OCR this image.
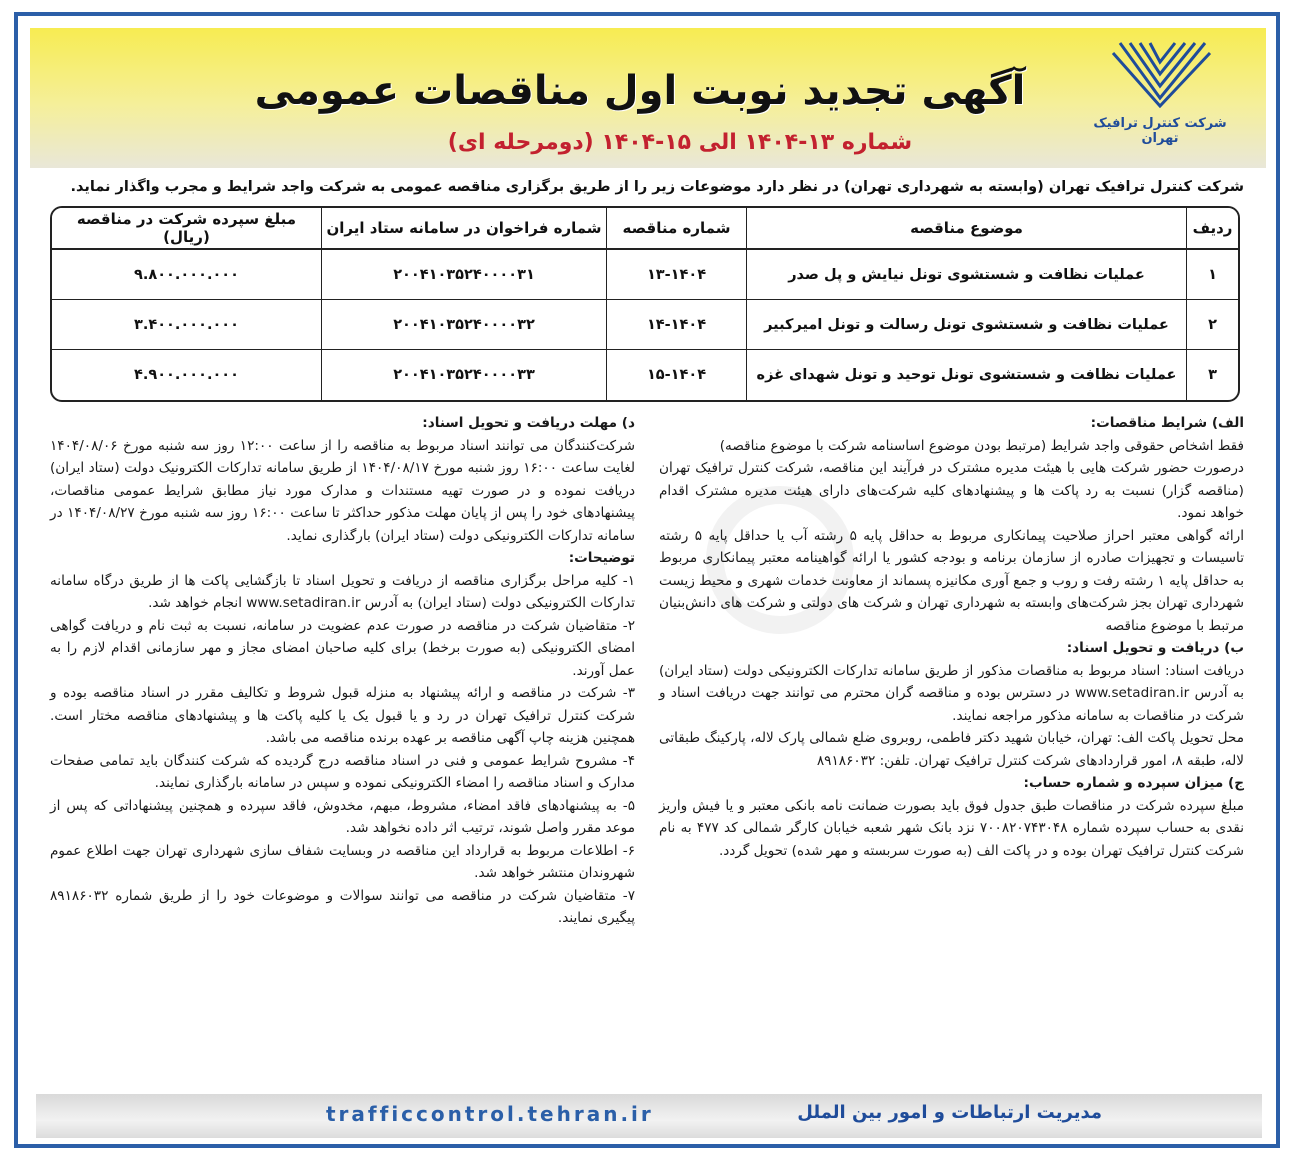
آگهی تجدید نوبت اول مناقصات عمومی
شماره ۱۳-۱۴۰۴ الی ۱۵-۱۴۰۴ (دومرحله ای)
شرکت کنترل ترافیک تهران
شرکت کنترل ترافیک تهران (وابسته به شهرداری تهران) در نظر دارد موضوعات زیر را از طریق برگزاری مناقصه عمومی به شرکت واجد شرایط و مجرب واگذار نماید.
ردیف	موضوع مناقصه	شماره مناقصه	شماره فراخوان در سامانه ستاد ایران	مبلغ سپرده شرکت در مناقصه (ریال)
۱	عملیات نظافت و شستشوی تونل نیایش و پل صدر	۱۳-۱۴۰۴	۲۰۰۴۱۰۳۵۲۴۰۰۰۰۳۱	۹.۸۰۰.۰۰۰.۰۰۰
۲	عملیات نظافت و شستشوی تونل رسالت و تونل امیرکبیر	۱۴-۱۴۰۴	۲۰۰۴۱۰۳۵۲۴۰۰۰۰۳۲	۳.۴۰۰.۰۰۰.۰۰۰
۳	عملیات نظافت و شستشوی تونل توحید و تونل شهدای غزه	۱۵-۱۴۰۴	۲۰۰۴۱۰۳۵۲۴۰۰۰۰۳۳	۴.۹۰۰.۰۰۰.۰۰۰

الف) شرایط مناقصات:

فقط اشخاص حقوقی واجد شرایط (مرتبط بودن موضوع اساسنامه شرکت با موضوع مناقصه)

درصورت حضور شرکت هایی با هیئت مدیره مشترک در فرآیند این مناقصه، شرکت کنترل ترافیک تهران (مناقصه گزار) نسبت به رد پاکت ها و پیشنهادهای کلیه شرکت‌های دارای هیئت مدیره مشترک اقدام خواهد نمود.

ارائه گواهی معتبر احراز صلاحیت پیمانکاری مربوط به حداقل پایه ۵ رشته آب یا حداقل پایه ۵ رشته تاسیسات و تجهیزات صادره از سازمان برنامه و بودجه کشور یا ارائه گواهینامه معتبر پیمانکاری مربوط به حداقل پایه ۱ رشته رفت و روب و جمع آوری مکانیزه پسماند از معاونت خدمات شهری و محیط زیست شهرداری تهران بجز شرکت‌های وابسته به شهرداری تهران و شرکت های دولتی و شرکت های دانش‌بنیان مرتبط با موضوع مناقصه

ب) دریافت و تحویل اسناد:

دریافت اسناد: اسناد مربوط به مناقصات مذکور از طریق سامانه تدارکات الکترونیکی دولت (ستاد ایران) به آدرس www.setadiran.ir در دسترس بوده و مناقصه گران محترم می توانند جهت دریافت اسناد و شرکت در مناقصات به سامانه مذکور مراجعه نمایند.

محل تحویل پاکت الف: تهران، خیابان شهید دکتر فاطمی، روبروی ضلع شمالی پارک لاله، پارکینگ طبقاتی لاله، طبقه ۸، امور قراردادهای شرکت کنترل ترافیک تهران. تلفن: ۸۹۱۸۶۰۳۲

ج) میزان سپرده و شماره حساب:

مبلغ سپرده شرکت در مناقصات طبق جدول فوق باید بصورت ضمانت نامه بانکی معتبر و یا فیش واریز نقدی به حساب سپرده شماره ۷۰۰۸۲۰۷۴۳۰۴۸ نزد بانک شهر شعبه خیابان کارگر شمالی کد ۴۷۷ به نام شرکت کنترل ترافیک تهران بوده و در پاکت الف (به صورت سربسته و مهر شده) تحویل گردد.

د) مهلت دریافت و تحویل اسناد:

شرکت‌کنندگان می توانند اسناد مربوط به مناقصه را از ساعت ۱۲:۰۰ روز سه شنبه مورخ ۱۴۰۴/۰۸/۰۶ لغایت ساعت ۱۶:۰۰ روز شنبه مورخ ۱۴۰۴/۰۸/۱۷ از طریق سامانه تدارکات الکترونیک دولت (ستاد ایران) دریافت نموده و در صورت تهیه مستندات و مدارک مورد نیاز مطابق شرایط عمومی مناقصات، پیشنهادهای خود را پس از پایان مهلت مذکور حداکثر تا ساعت ۱۶:۰۰ روز سه شنبه مورخ ۱۴۰۴/۰۸/۲۷ در سامانه تدارکات الکترونیکی دولت (ستاد ایران) بارگذاری نماید.

توضیحات:

۱- کلیه مراحل برگزاری مناقصه از دریافت و تحویل اسناد تا بازگشایی پاکت ها از طریق درگاه سامانه تدارکات الکترونیکی دولت (ستاد ایران) به آدرس www.setadiran.ir انجام خواهد شد.

۲- متقاضیان شرکت در مناقصه در صورت عدم عضویت در سامانه، نسبت به ثبت نام و دریافت گواهی امضای الکترونیکی (به صورت برخط) برای کلیه صاحبان امضای مجاز و مهر سازمانی اقدام لازم را به عمل آورند.

۳- شرکت در مناقصه و ارائه پیشنهاد به منزله قبول شروط و تکالیف مقرر در اسناد مناقصه بوده و شرکت کنترل ترافیک تهران در رد و یا قبول یک یا کلیه پاکت ها و پیشنهادهای مناقصه مختار است. همچنین هزینه چاپ آگهی مناقصه بر عهده برنده مناقصه می باشد.

۴- مشروح شرایط عمومی و فنی در اسناد مناقصه درج گردیده که شرکت کنندگان باید تمامی صفحات مدارک و اسناد مناقصه را امضاء الکترونیکی نموده و سپس در سامانه بارگذاری نمایند.

۵- به پیشنهادهای فاقد امضاء، مشروط، مبهم، مخدوش، فاقد سپرده و همچنین پیشنهاداتی که پس از موعد مقرر واصل شوند، ترتیب اثر داده نخواهد شد.

۶- اطلاعات مربوط به قرارداد این مناقصه در وبسایت شفاف سازی شهرداری تهران جهت اطلاع عموم شهروندان منتشر خواهد شد.

۷- متقاضیان شرکت در مناقصه می توانند سوالات و موضوعات خود را از طریق شماره ۸۹۱۸۶۰۳۲ پیگیری نمایند.

trafficcontrol.tehran.ir	مدیریت ارتباطات و امور بین الملل
